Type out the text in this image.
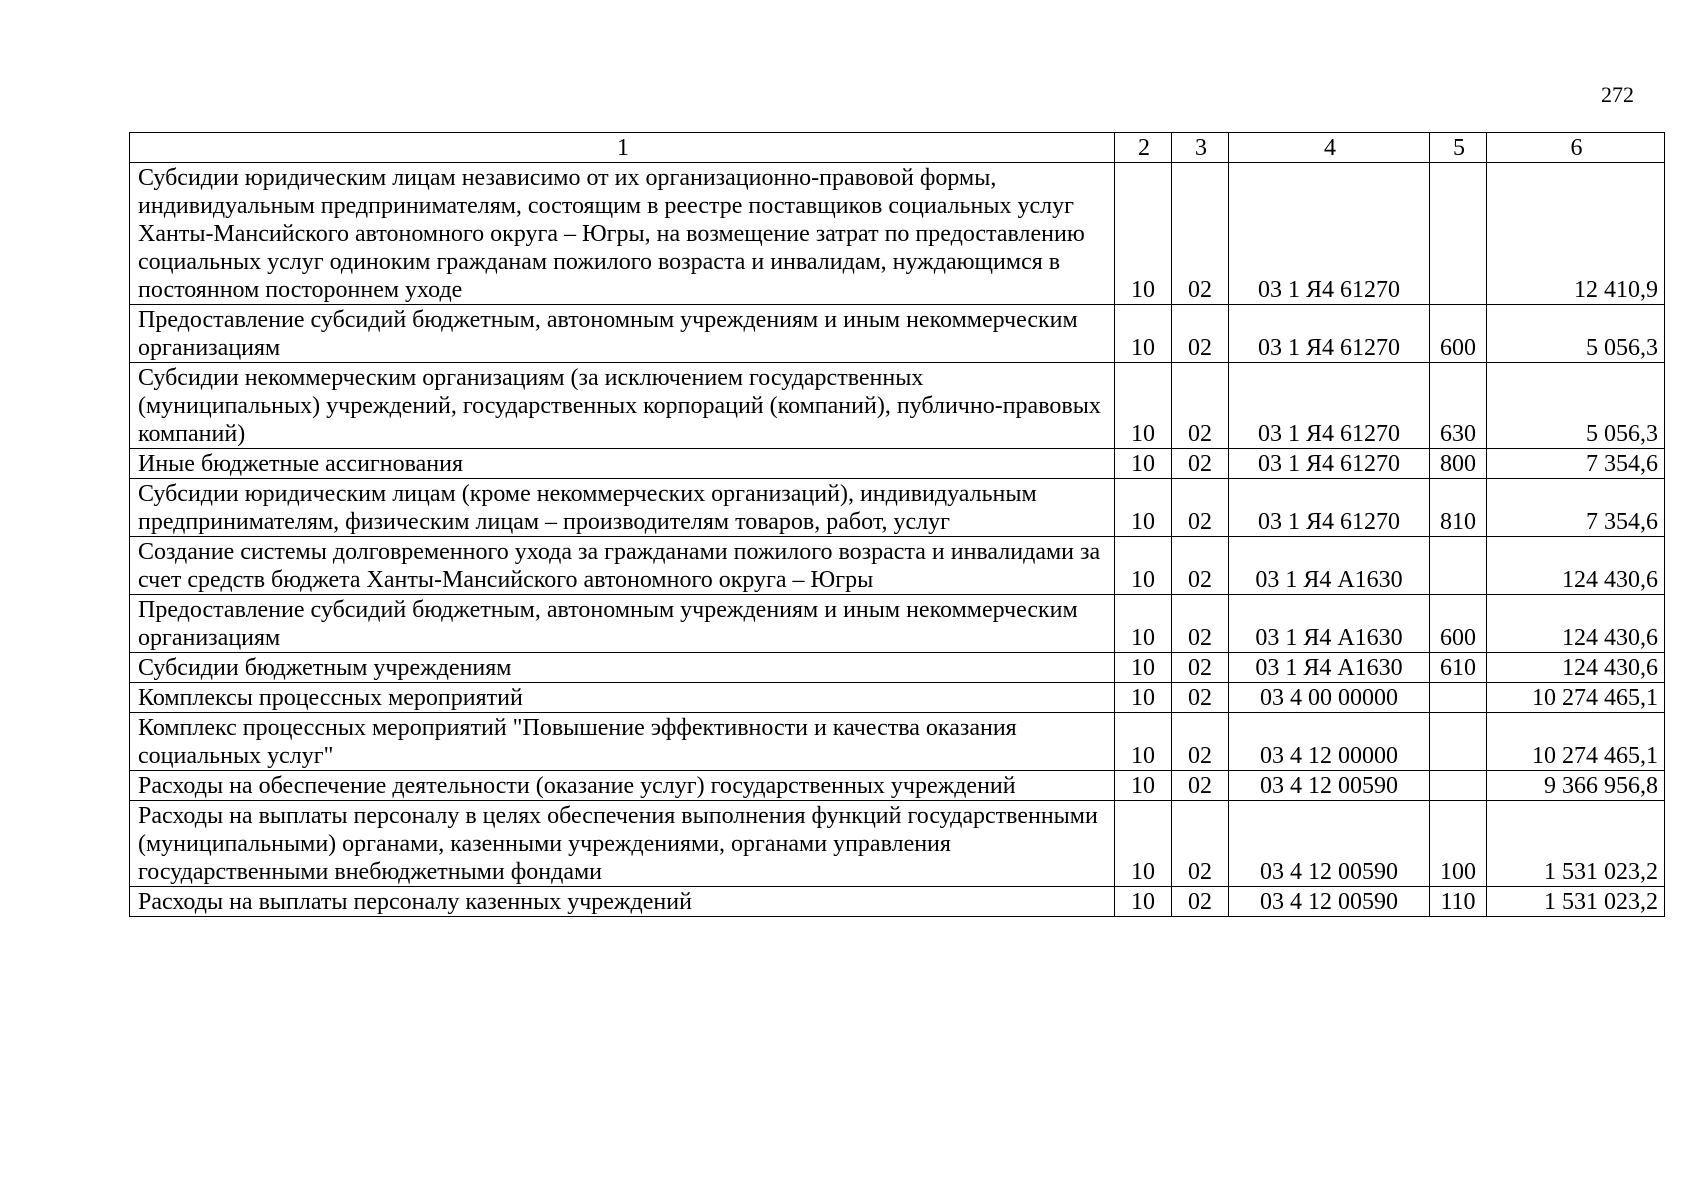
272
1	2	3	4	5	6
Субсидии юридическим лицам независимо от их организационно-правовой формы, индивидуальным предпринимателям, состоящим в реестре поставщиков социальных услуг Ханты-Мансийского автономного округа – Югры, на возмещение затрат по предоставлению социальных услуг одиноким гражданам пожилого возраста и инвалидам, нуждающимся в постоянном постороннем уходе	10	02	03 1 Я4 61270		12 410,9
Предоставление субсидий бюджетным, автономным учреждениям и иным некоммерческим организациям	10	02	03 1 Я4 61270	600	5 056,3
Субсидии некоммерческим организациям (за исключением государственных (муниципальных) учреждений, государственных корпораций (компаний), публично-правовых компаний)	10	02	03 1 Я4 61270	630	5 056,3
Иные бюджетные ассигнования	10	02	03 1 Я4 61270	800	7 354,6
Субсидии юридическим лицам (кроме некоммерческих организаций), индивидуальным предпринимателям, физическим лицам – производителям товаров, работ, услуг	10	02	03 1 Я4 61270	810	7 354,6
Создание системы долговременного ухода за гражданами пожилого возраста и инвалидами за счет средств бюджета Ханты-Мансийского автономного округа – Югры	10	02	03 1 Я4 А1630		124 430,6
Предоставление субсидий бюджетным, автономным учреждениям и иным некоммерческим организациям	10	02	03 1 Я4 А1630	600	124 430,6
Субсидии бюджетным учреждениям	10	02	03 1 Я4 А1630	610	124 430,6
Комплексы процессных мероприятий	10	02	03 4 00 00000		10 274 465,1
Комплекс процессных мероприятий "Повышение эффективности и качества оказания социальных услуг"	10	02	03 4 12 00000		10 274 465,1
Расходы на обеспечение деятельности (оказание услуг) государственных учреждений	10	02	03 4 12 00590		9 366 956,8
Расходы на выплаты персоналу в целях обеспечения выполнения функций государственными (муниципальными) органами, казенными учреждениями, органами управления государственными внебюджетными фондами	10	02	03 4 12 00590	100	1 531 023,2
Расходы на выплаты персоналу казенных учреждений	10	02	03 4 12 00590	110	1 531 023,2
